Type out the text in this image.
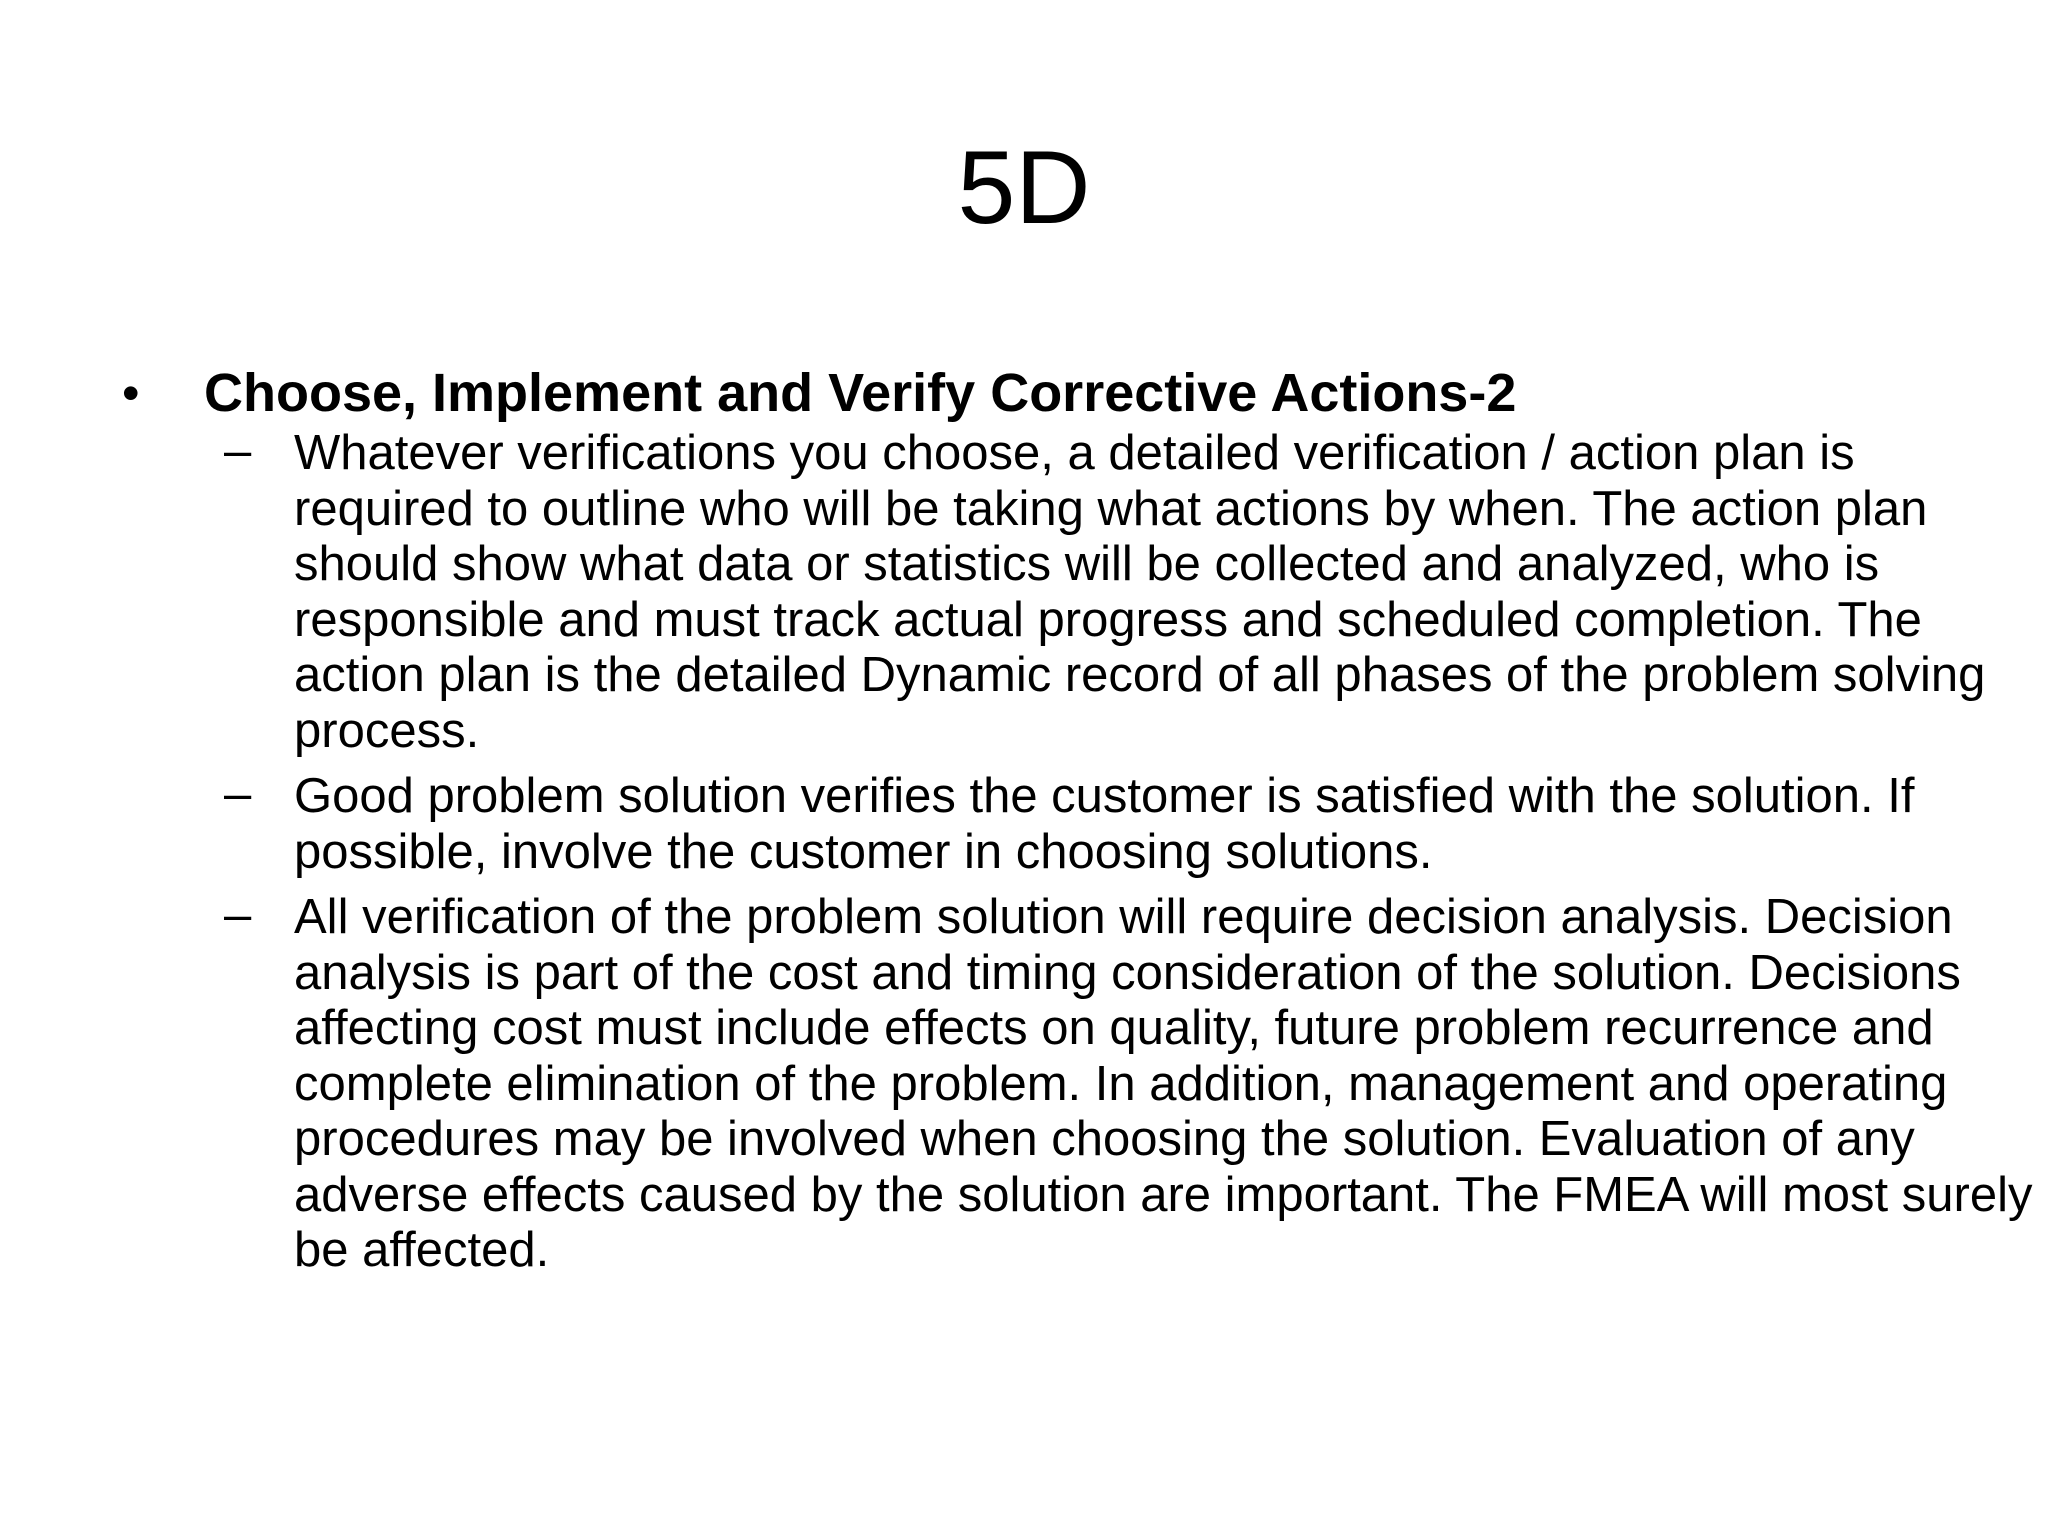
5D

• Choose, Implement and Verify Corrective Actions-2

– Whatever verifications you choose, a detailed verification / action plan is required to outline who will be taking what actions by when. The action plan should show what data or statistics will be collected and analyzed, who is responsible and must track actual progress and scheduled completion. The action plan is the detailed Dynamic record of all phases of the problem solving process.
– Good problem solution verifies the customer is satisfied with the solution. If possible, involve the customer in choosing solutions.
– All verification of the problem solution will require decision analysis. Decision analysis is part of the cost and timing consideration of the solution. Decisions affecting cost must include effects on quality, future problem recurrence and complete elimination of the problem. In addition, management and operating procedures may be involved when choosing the solution. Evaluation of any adverse effects caused by the solution are important. The FMEA will most surely be affected.
